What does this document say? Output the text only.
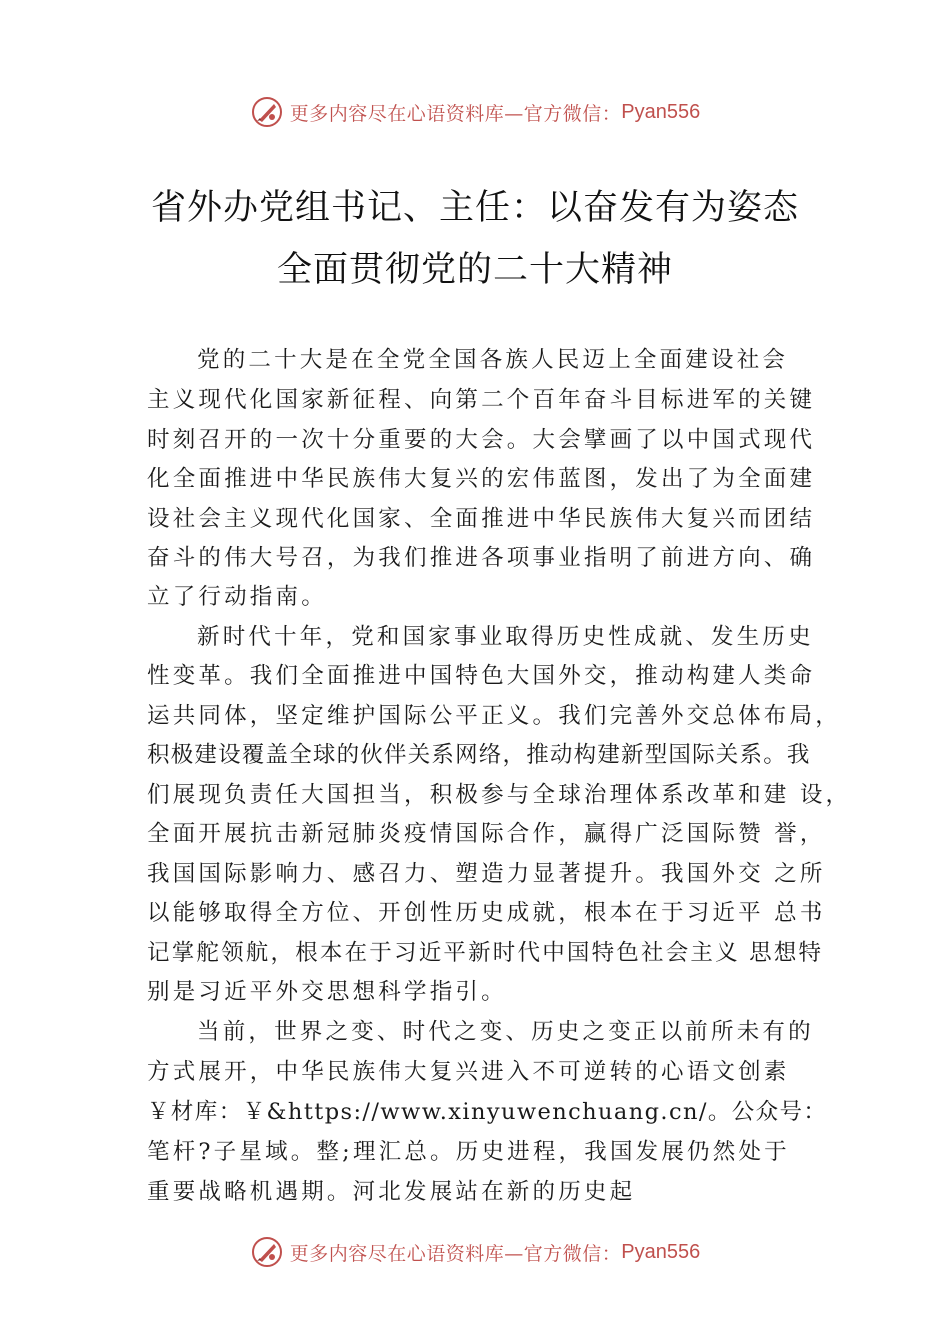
更多内容尽在心语资料库—官方微信： Pyan556
省外办党组书记、主任：以奋发有为姿态
全面贯彻党的二十大精神
党的二十大是在全党全国各族人民迈上全面建设社会
主义现代化国家新征程、向第二个百年奋斗目标进军的关键
时刻召开的一次十分重要的大会。大会擘画了以中国式现代
化全面推进中华民族伟大复兴的宏伟蓝图，发出了为全面建
设社会主义现代化国家、全面推进中华民族伟大复兴而团结
奋斗的伟大号召，为我们推进各项事业指明了前进方向、确
立了行动指南。
新时代十年，党和国家事业取得历史性成就、发生历史
性变革。我们全面推进中国特色大国外交，推动构建人类命
运共同体，坚定维护国际公平正义。我们完善外交总体布局，
积极建设覆盖全球的伙伴关系网络，推动构建新型国际关系。我
们展现负责任大国担当，积极参与全球治理体系改革和建 设，
全面开展抗击新冠肺炎疫情国际合作，赢得广泛国际赞 誉，
我国国际影响力、感召力、塑造力显著提升。我国外交 之所
以能够取得全方位、开创性历史成就，根本在于习近平 总书
记掌舵领航，根本在于习近平新时代中国特色社会主义 思想特
别是习近平外交思想科学指引。
当前，世界之变、时代之变、历史之变正以前所未有的
方式展开，中华民族伟大复兴进入不可逆转的心语文创素
￥材库：￥&https://www.xinyuwenchuang.cn/。公众号：
笔杆?子星域。整;理汇总。历史进程，我国发展仍然处于
重要战略机遇期。河北发展站在新的历史起
更多内容尽在心语资料库—官方微信： Pyan556
